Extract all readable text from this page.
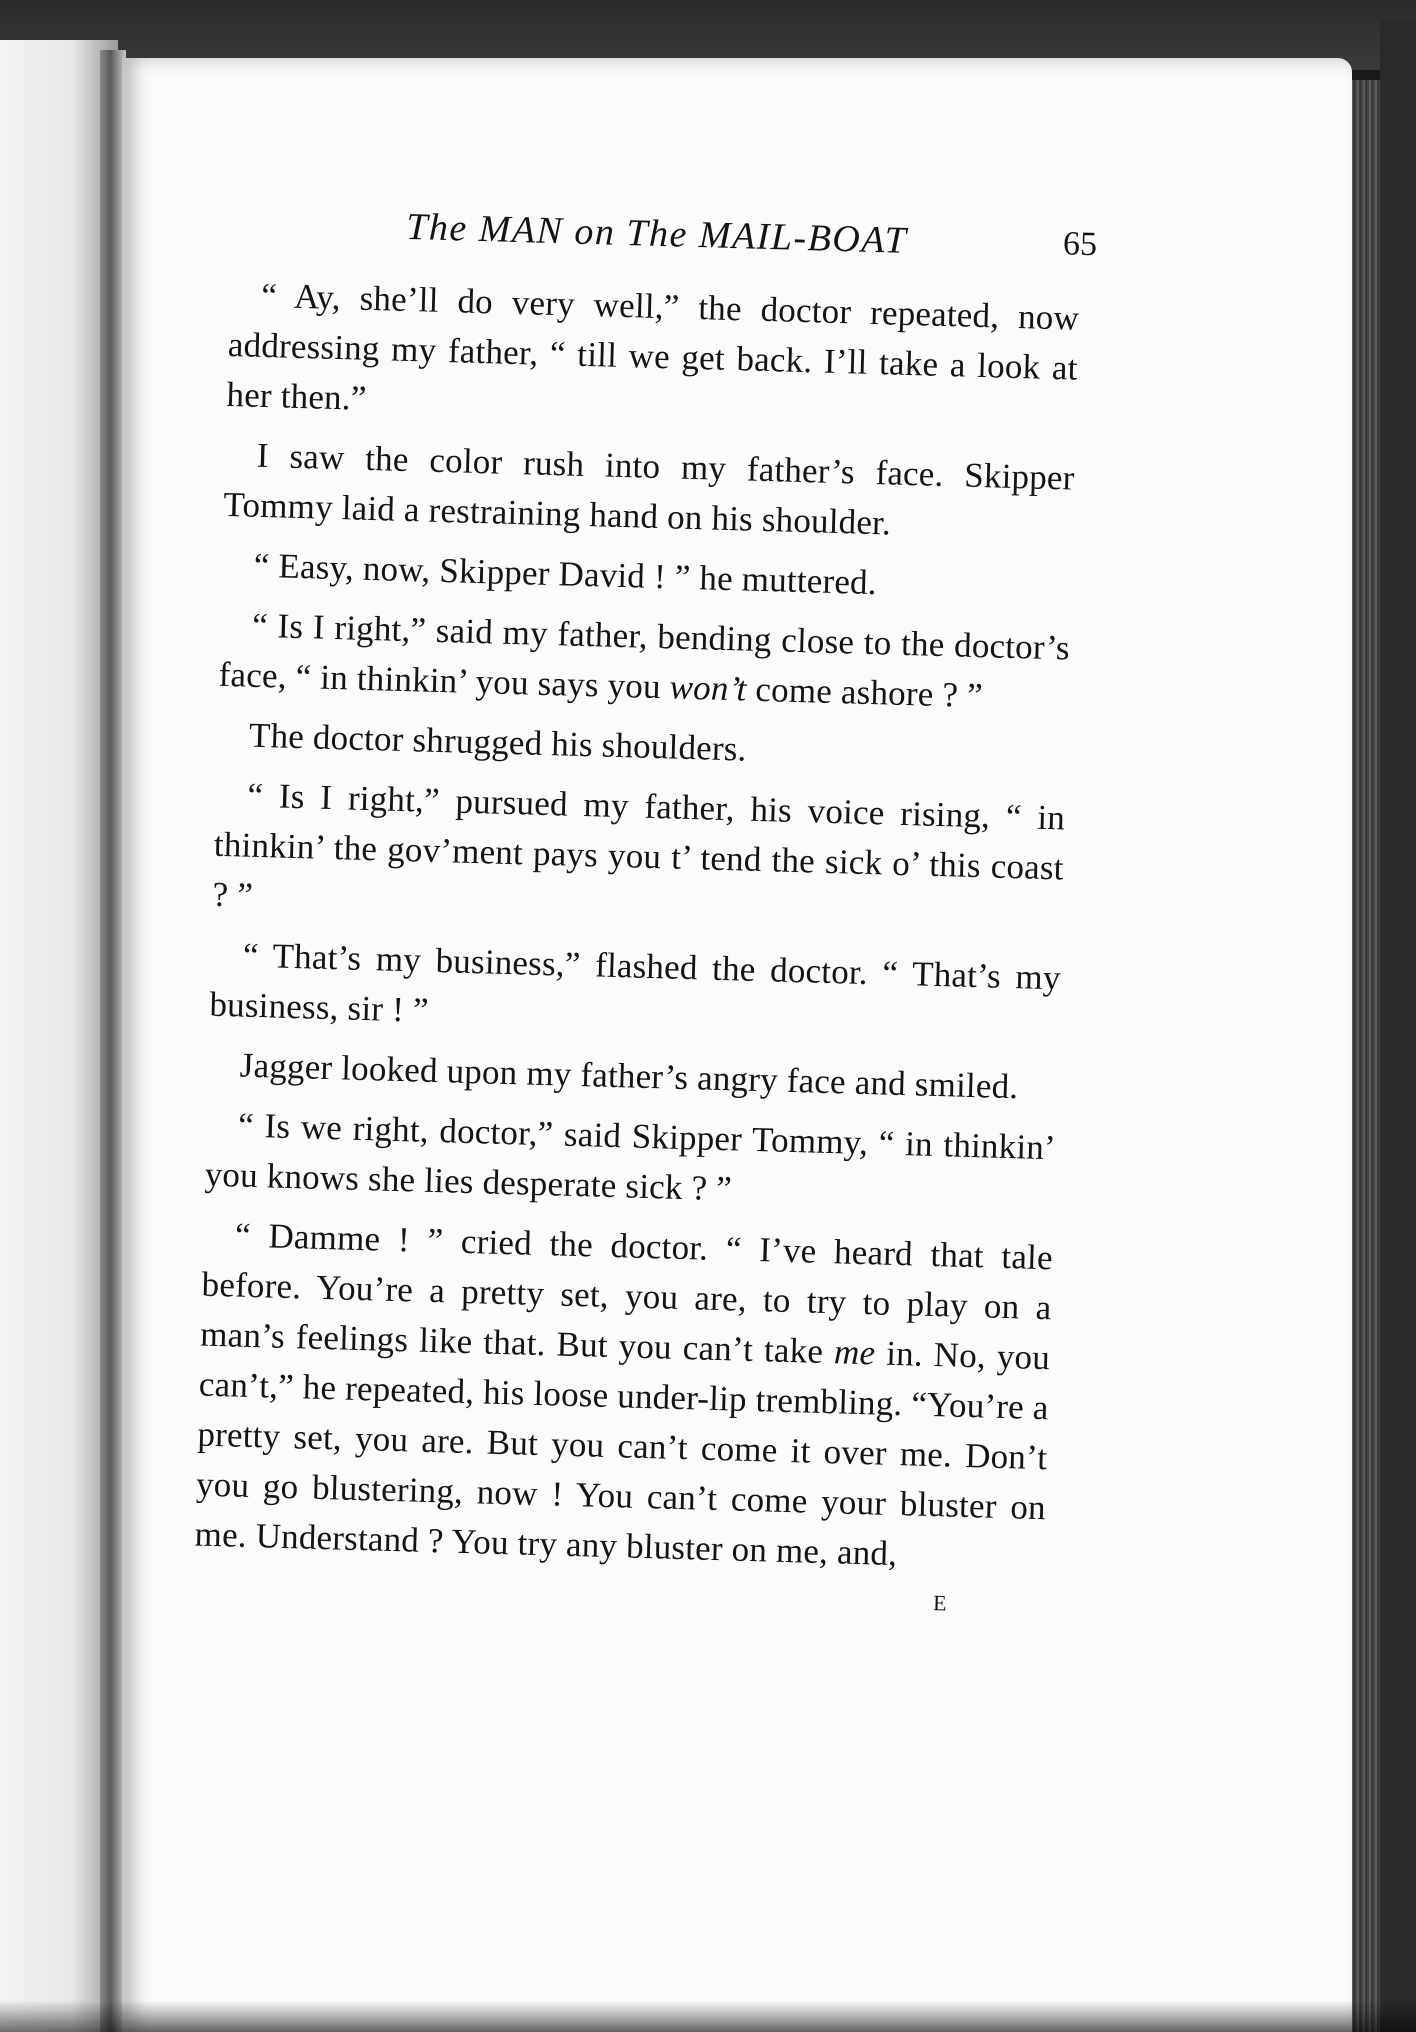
The MAN on The MAIL-BOAT	65

“ Ay, she’ll do very well,” the doctor repeated, now addressing my father, “ till we get back. I’ll take a look at her then.”

I saw the color rush into my father’s face. Skipper Tommy laid a restraining hand on his shoulder.

“ Easy, now, Skipper David ! ” he muttered.

“ Is I right,” said my father, bending close to the doctor’s face, “ in thinkin’ you says you won’t come ashore ? ”

The doctor shrugged his shoulders.

“ Is I right,” pursued my father, his voice rising, “ in thinkin’ the gov’ment pays you t’ tend the sick o’ this coast ? ”

“ That’s my business,” flashed the doctor. “ That’s my business, sir ! ”

Jagger looked upon my father’s angry face and smiled.

“ Is we right, doctor,” said Skipper Tommy, “ in thinkin’ you knows she lies desperate sick ? ”

“ Damme ! ” cried the doctor. “ I’ve heard that tale before. You’re a pretty set, you are, to try to play on a man’s feelings like that. But you can’t take me in. No, you can’t,” he repeated, his loose under-lip trembling. “You’re a pretty set, you are. But you can’t come it over me. Don’t you go blustering, now ! You can’t come your bluster on me. Understand ? You try any bluster on me, and,

E
